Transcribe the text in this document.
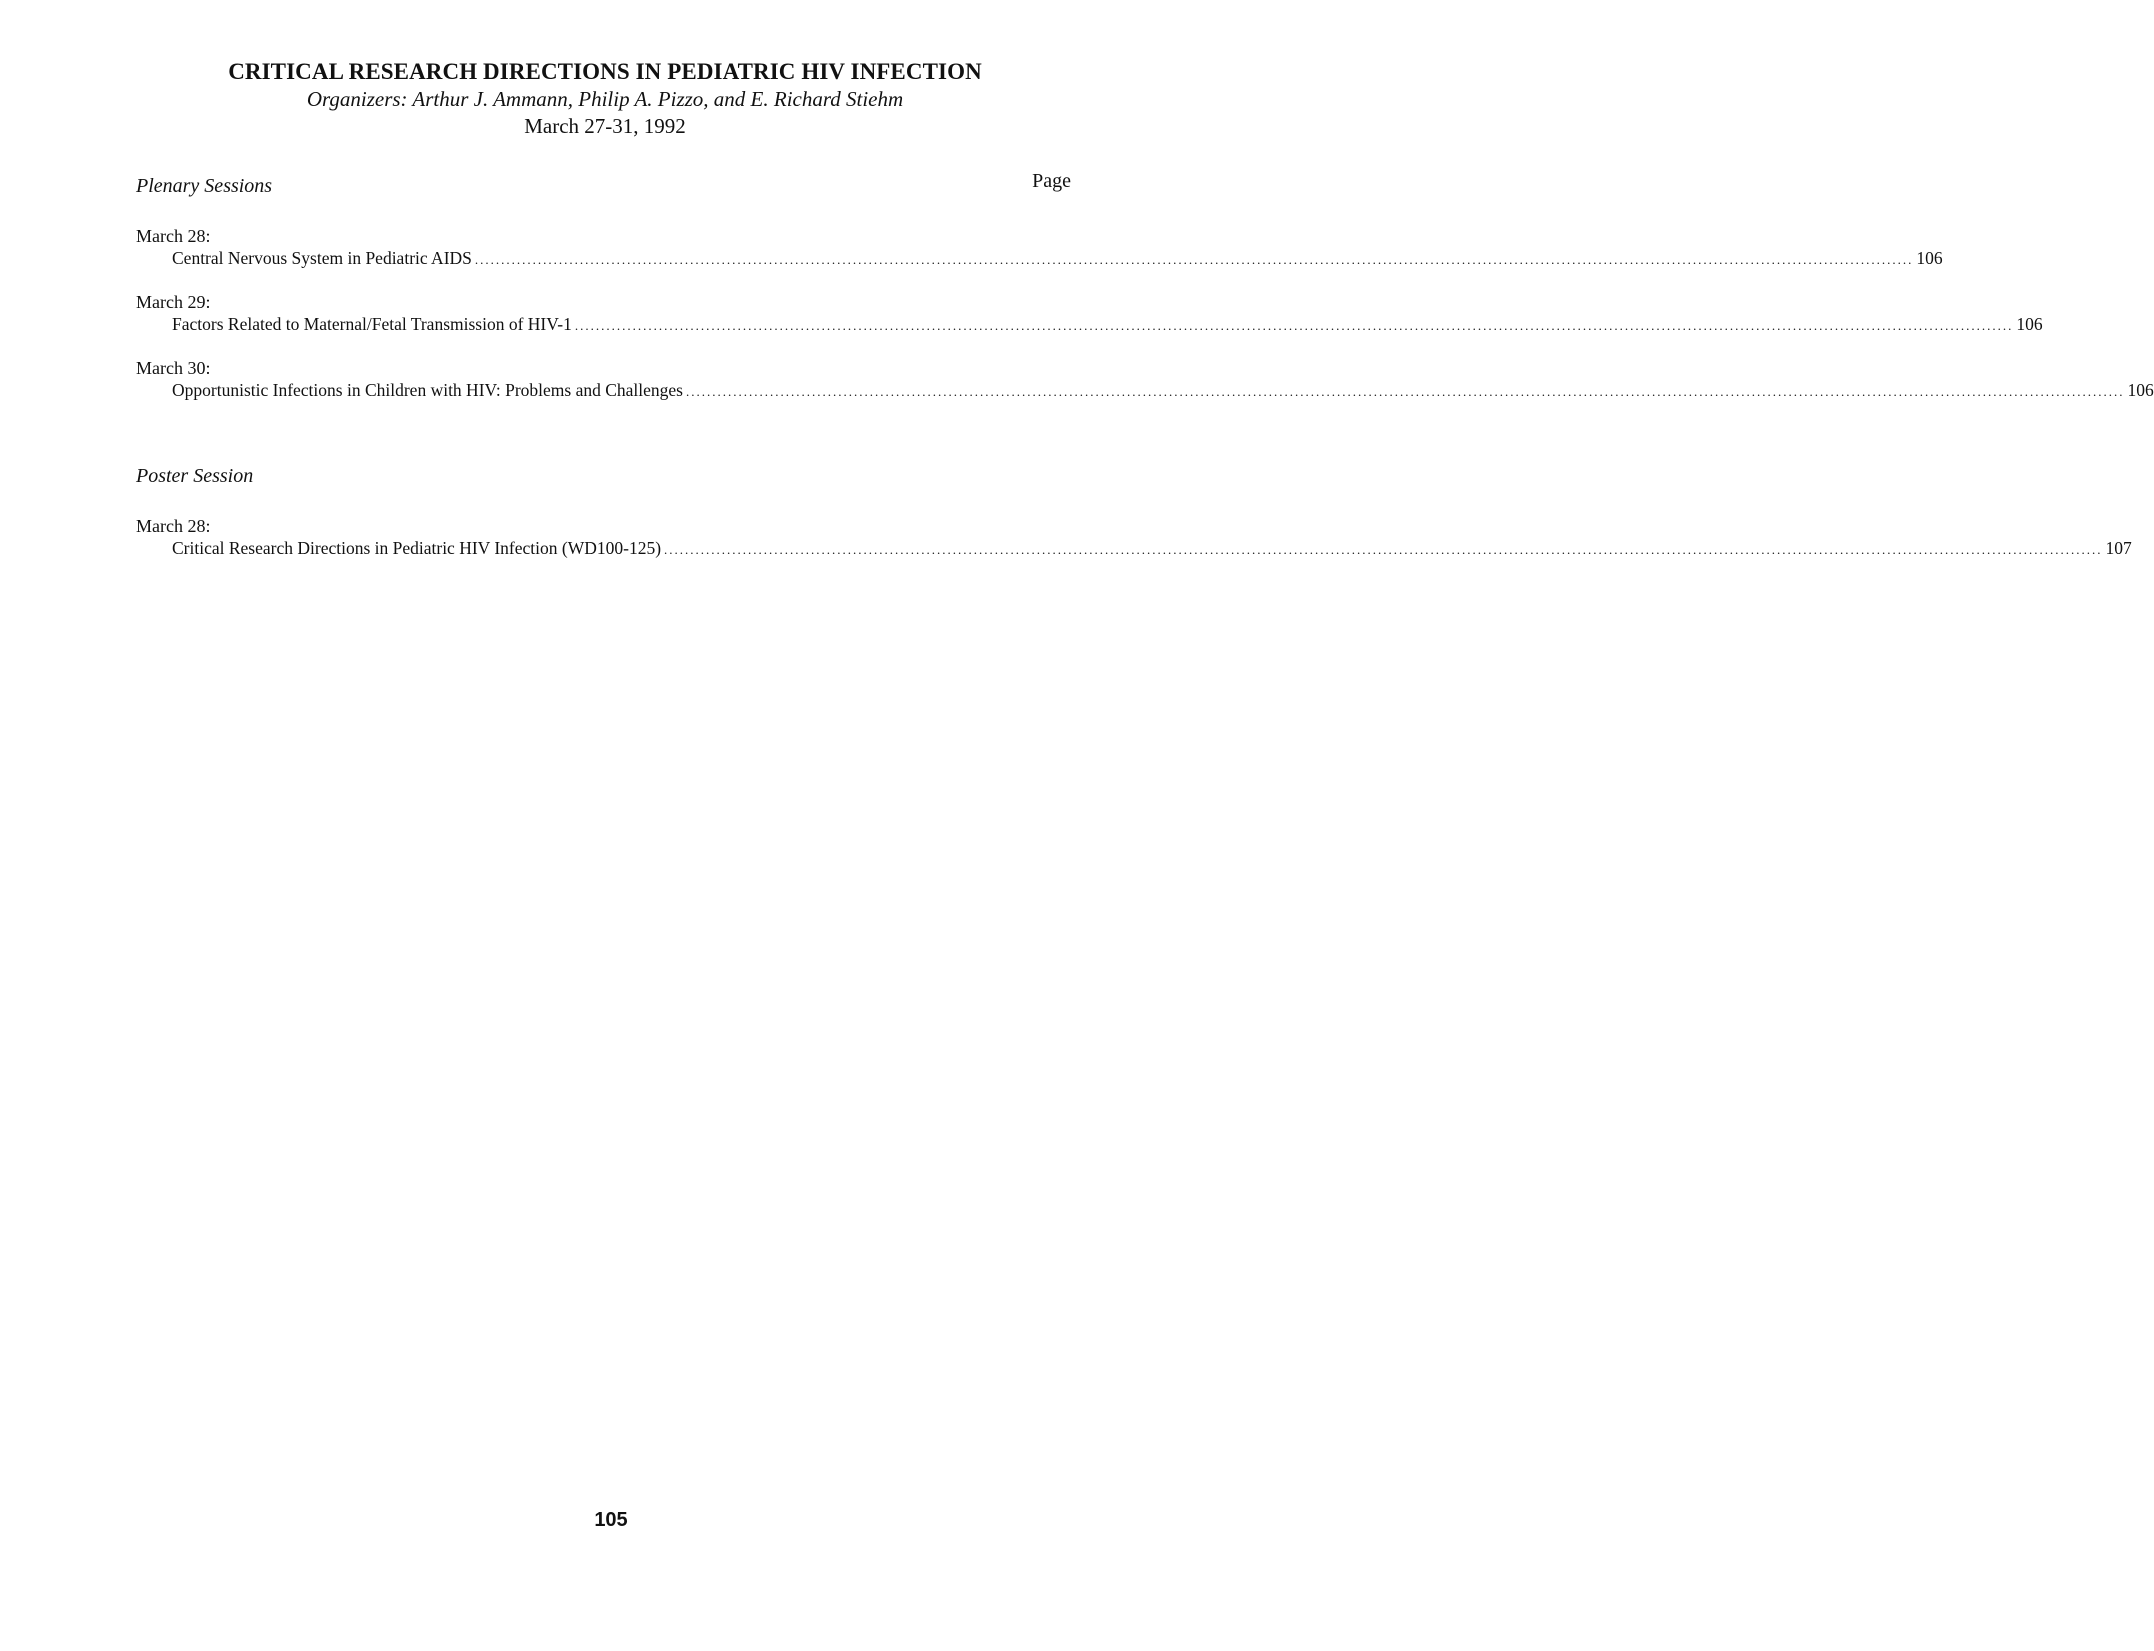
CRITICAL RESEARCH DIRECTIONS IN PEDIATRIC HIV INFECTION
Organizers: Arthur J. Ammann, Philip A. Pizzo, and E. Richard Stiehm
March 27-31, 1992
Plenary Sessions	Page
March 28:
Central Nervous System in Pediatric AIDS .................................................................................................................................................................................................................................................................................. 106
March 29:
Factors Related to Maternal/Fetal Transmission of HIV-1 .................................................................................................................................................................................................................................................................................. 106
March 30:
Opportunistic Infections in Children with HIV: Problems and Challenges .................................................................................................................................................................................................................................................................................. 106
Poster Session
March 28:
Critical Research Directions in Pediatric HIV Infection (WD100-125) .................................................................................................................................................................................................................................................................................. 107
105
